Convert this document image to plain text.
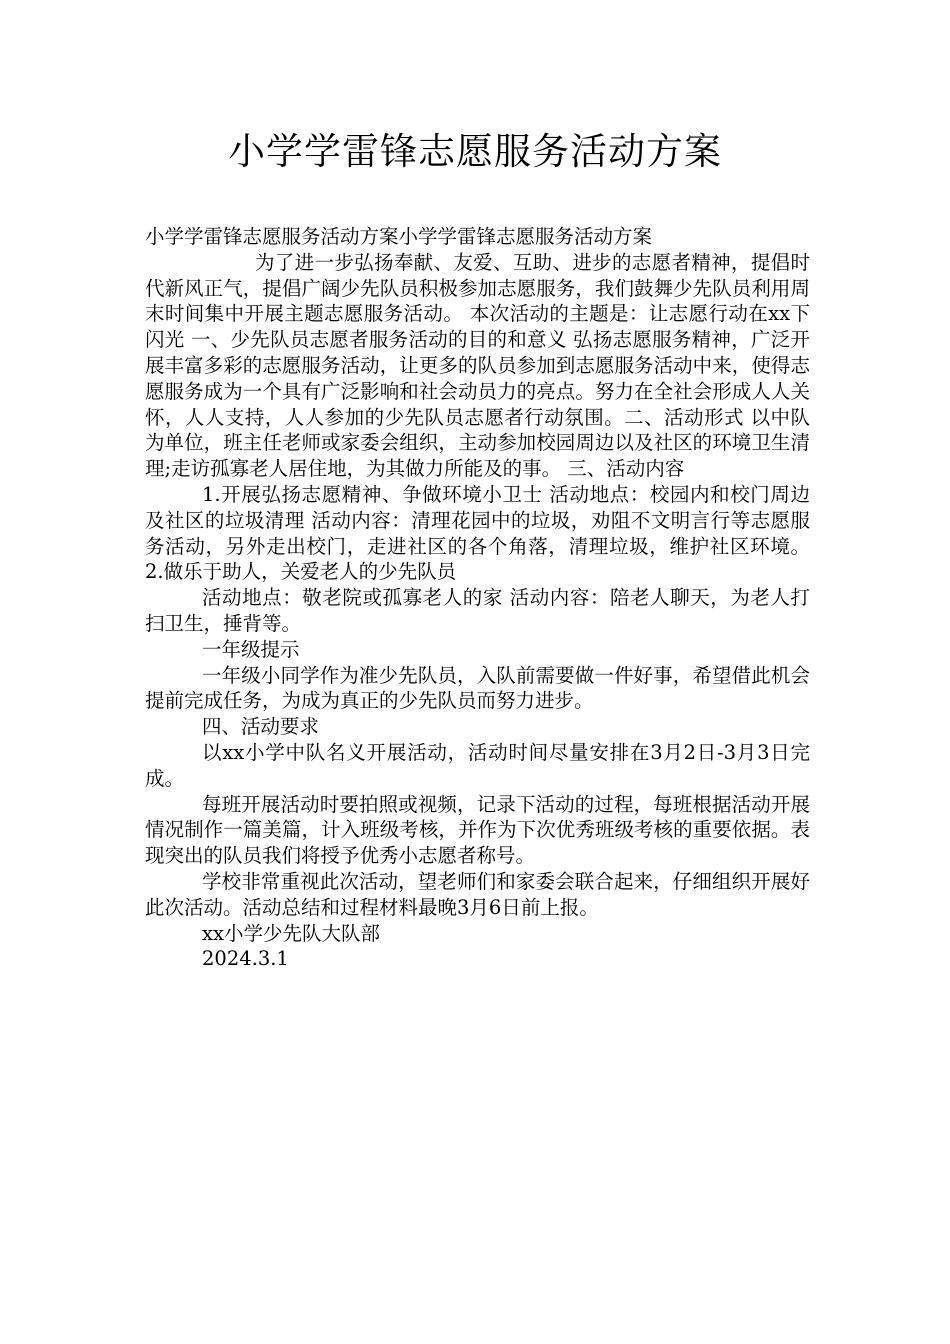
小学学雷锋志愿服务活动方案

小学学雷锋志愿服务活动方案小学学雷锋志愿服务活动方案

为了进一步弘扬奉献、友爱、互助、进步的志愿者精神，提倡时代新风正气，提倡广阔少先队员积极参加志愿服务，我们鼓舞少先队员利用周末时间集中开展主题志愿服务活动。 本次活动的主题是：让志愿行动在xx下闪光 一、少先队员志愿者服务活动的目的和意义 弘扬志愿服务精神，广泛开展丰富多彩的志愿服务活动，让更多的队员参加到志愿服务活动中来，使得志愿服务成为一个具有广泛影响和社会动员力的亮点。努力在全社会形成人人关怀，人人支持，人人参加的少先队员志愿者行动氛围。二、活动形式 以中队为单位，班主任老师或家委会组织，主动参加校园周边以及社区的环境卫生清理;走访孤寡老人居住地，为其做力所能及的事。 三、活动内容

1.开展弘扬志愿精神、争做环境小卫士 活动地点：校园内和校门周边及社区的垃圾清理 活动内容：清理花园中的垃圾，劝阻不文明言行等志愿服务活动，另外走出校门，走进社区的各个角落，清理垃圾，维护社区环境。 2.做乐于助人，关爱老人的少先队员

活动地点：敬老院或孤寡老人的家 活动内容：陪老人聊天，为老人打扫卫生，捶背等。

一年级提示

一年级小同学作为准少先队员，入队前需要做一件好事，希望借此机会提前完成任务，为成为真正的少先队员而努力进步。

四、活动要求

以xx小学中队名义开展活动，活动时间尽量安排在3月2日-3月3日完成。

每班开展活动时要拍照或视频，记录下活动的过程，每班根据活动开展情况制作一篇美篇，计入班级考核，并作为下次优秀班级考核的重要依据。表现突出的队员我们将授予优秀小志愿者称号。

学校非常重视此次活动，望老师们和家委会联合起来，仔细组织开展好此次活动。活动总结和过程材料最晚3月6日前上报。

xx小学少先队大队部

2024.3.1
